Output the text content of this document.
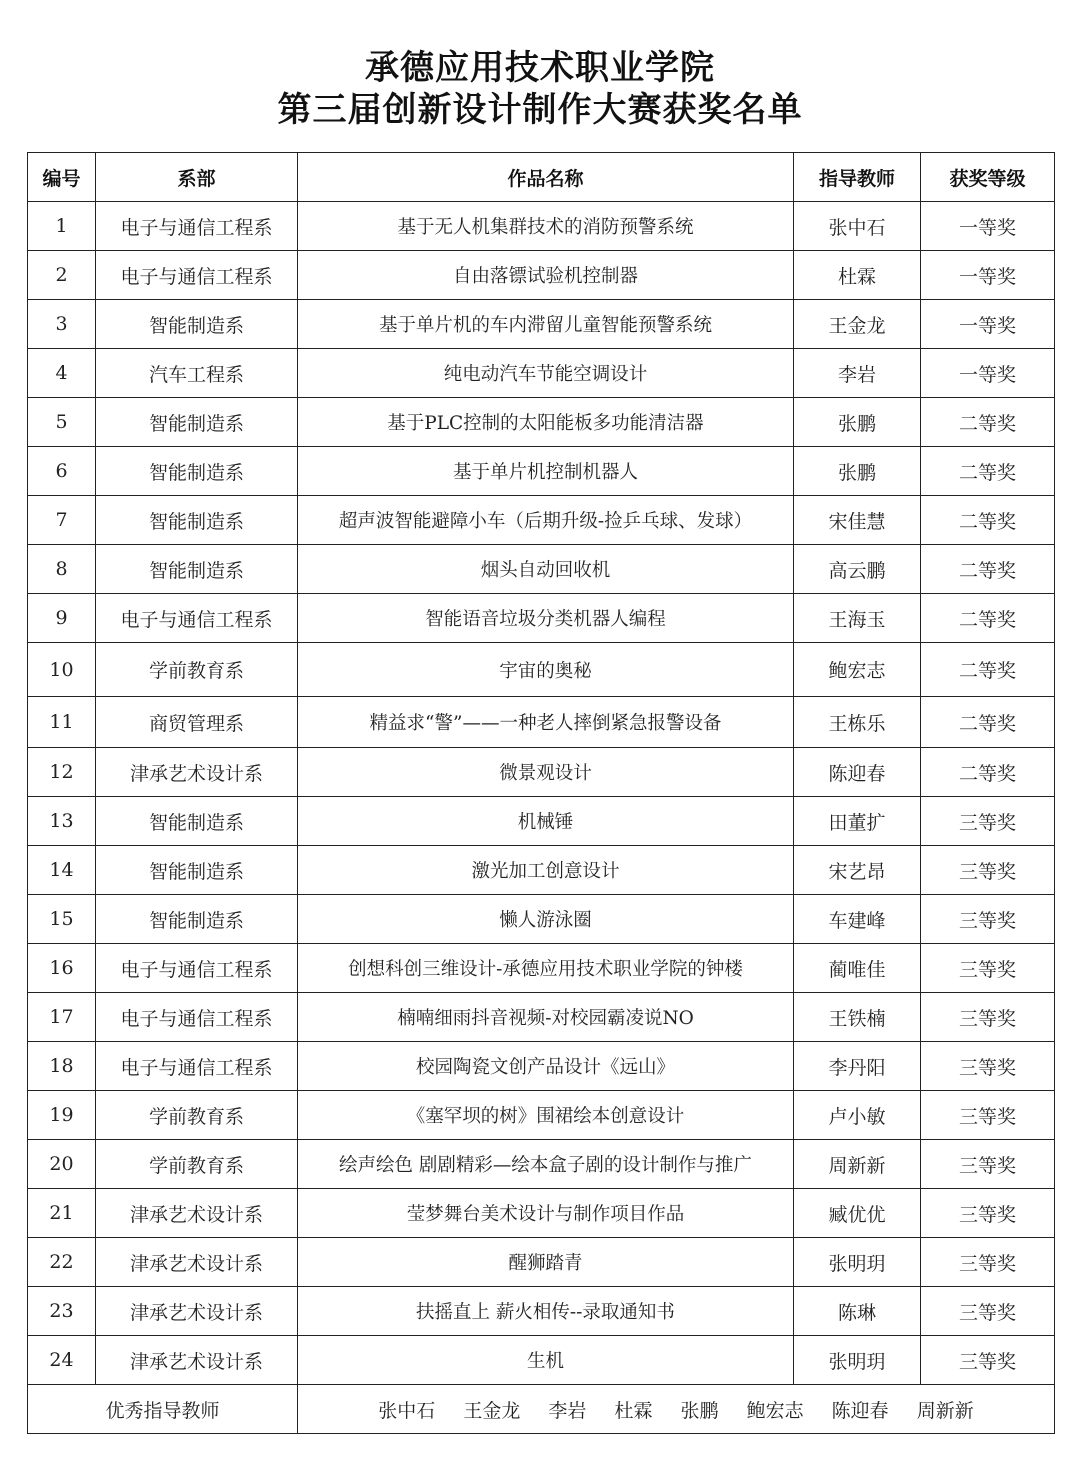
承德应用技术职业学院
第三届创新设计制作大赛获奖名单
编号	系部	作品名称	指导教师	获奖等级
1	电子与通信工程系	基于无人机集群技术的消防预警系统	张中石	一等奖
2	电子与通信工程系	自由落镖试验机控制器	杜霖	一等奖
3	智能制造系	基于单片机的车内滞留儿童智能预警系统	王金龙	一等奖
4	汽车工程系	纯电动汽车节能空调设计	李岩	一等奖
5	智能制造系	基于PLC控制的太阳能板多功能清洁器	张鹏	二等奖
6	智能制造系	基于单片机控制机器人	张鹏	二等奖
7	智能制造系	超声波智能避障小车（后期升级-捡乒乓球、发球）	宋佳慧	二等奖
8	智能制造系	烟头自动回收机	高云鹏	二等奖
9	电子与通信工程系	智能语音垃圾分类机器人编程	王海玉	二等奖
10	学前教育系	宇宙的奥秘	鲍宏志	二等奖
11	商贸管理系	精益求“警”——一种老人摔倒紧急报警设备	王栋乐	二等奖
12	津承艺术设计系	微景观设计	陈迎春	二等奖
13	智能制造系	机械锤	田董扩	三等奖
14	智能制造系	激光加工创意设计	宋艺昂	三等奖
15	智能制造系	懒人游泳圈	车建峰	三等奖
16	电子与通信工程系	创想科创三维设计-承德应用技术职业学院的钟楼	蔺唯佳	三等奖
17	电子与通信工程系	楠喃细雨抖音视频-对校园霸凌说NO	王铁楠	三等奖
18	电子与通信工程系	校园陶瓷文创产品设计《远山》	李丹阳	三等奖
19	学前教育系	《塞罕坝的树》围裙绘本创意设计	卢小敏	三等奖
20	学前教育系	绘声绘色 剧剧精彩—绘本盒子剧的设计制作与推广	周新新	三等奖
21	津承艺术设计系	莹梦舞台美术设计与制作项目作品	臧优优	三等奖
22	津承艺术设计系	醒狮踏青	张明玥	三等奖
23	津承艺术设计系	扶摇直上 薪火相传--录取通知书	陈琳	三等奖
24	津承艺术设计系	生机	张明玥	三等奖
优秀指导教师		张中石 王金龙 李岩 杜霖 张鹏 鲍宏志 陈迎春 周新新		
